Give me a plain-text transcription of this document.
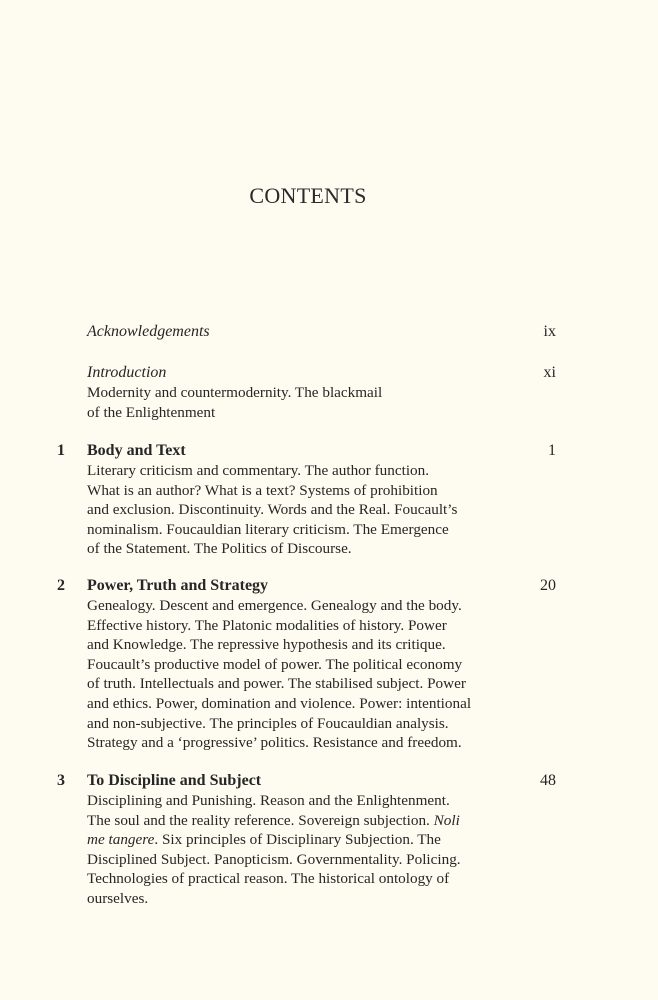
CONTENTS
Acknowledgements	ix
Introduction	xi
Modernity and countermodernity. The blackmail
of the Enlightenment
1 Body and Text	1
Literary criticism and commentary. The author function.
What is an author? What is a text? Systems of prohibition
and exclusion. Discontinuity. Words and the Real. Foucault’s
nominalism. Foucauldian literary criticism. The Emergence
of the Statement. The Politics of Discourse.
2 Power, Truth and Strategy	20
Genealogy. Descent and emergence. Genealogy and the body.
Effective history. The Platonic modalities of history. Power
and Knowledge. The repressive hypothesis and its critique.
Foucault’s productive model of power. The political economy
of truth. Intellectuals and power. The stabilised subject. Power
and ethics. Power, domination and violence. Power: intentional
and non-subjective. The principles of Foucauldian analysis.
Strategy and a ‘progressive’ politics. Resistance and freedom.
3 To Discipline and Subject	48
Disciplining and Punishing. Reason and the Enlightenment.
The soul and the reality reference. Sovereign subjection. Noli
me tangere. Six principles of Disciplinary Subjection. The
Disciplined Subject. Panopticism. Governmentality. Policing.
Technologies of practical reason. The historical ontology of
ourselves.
